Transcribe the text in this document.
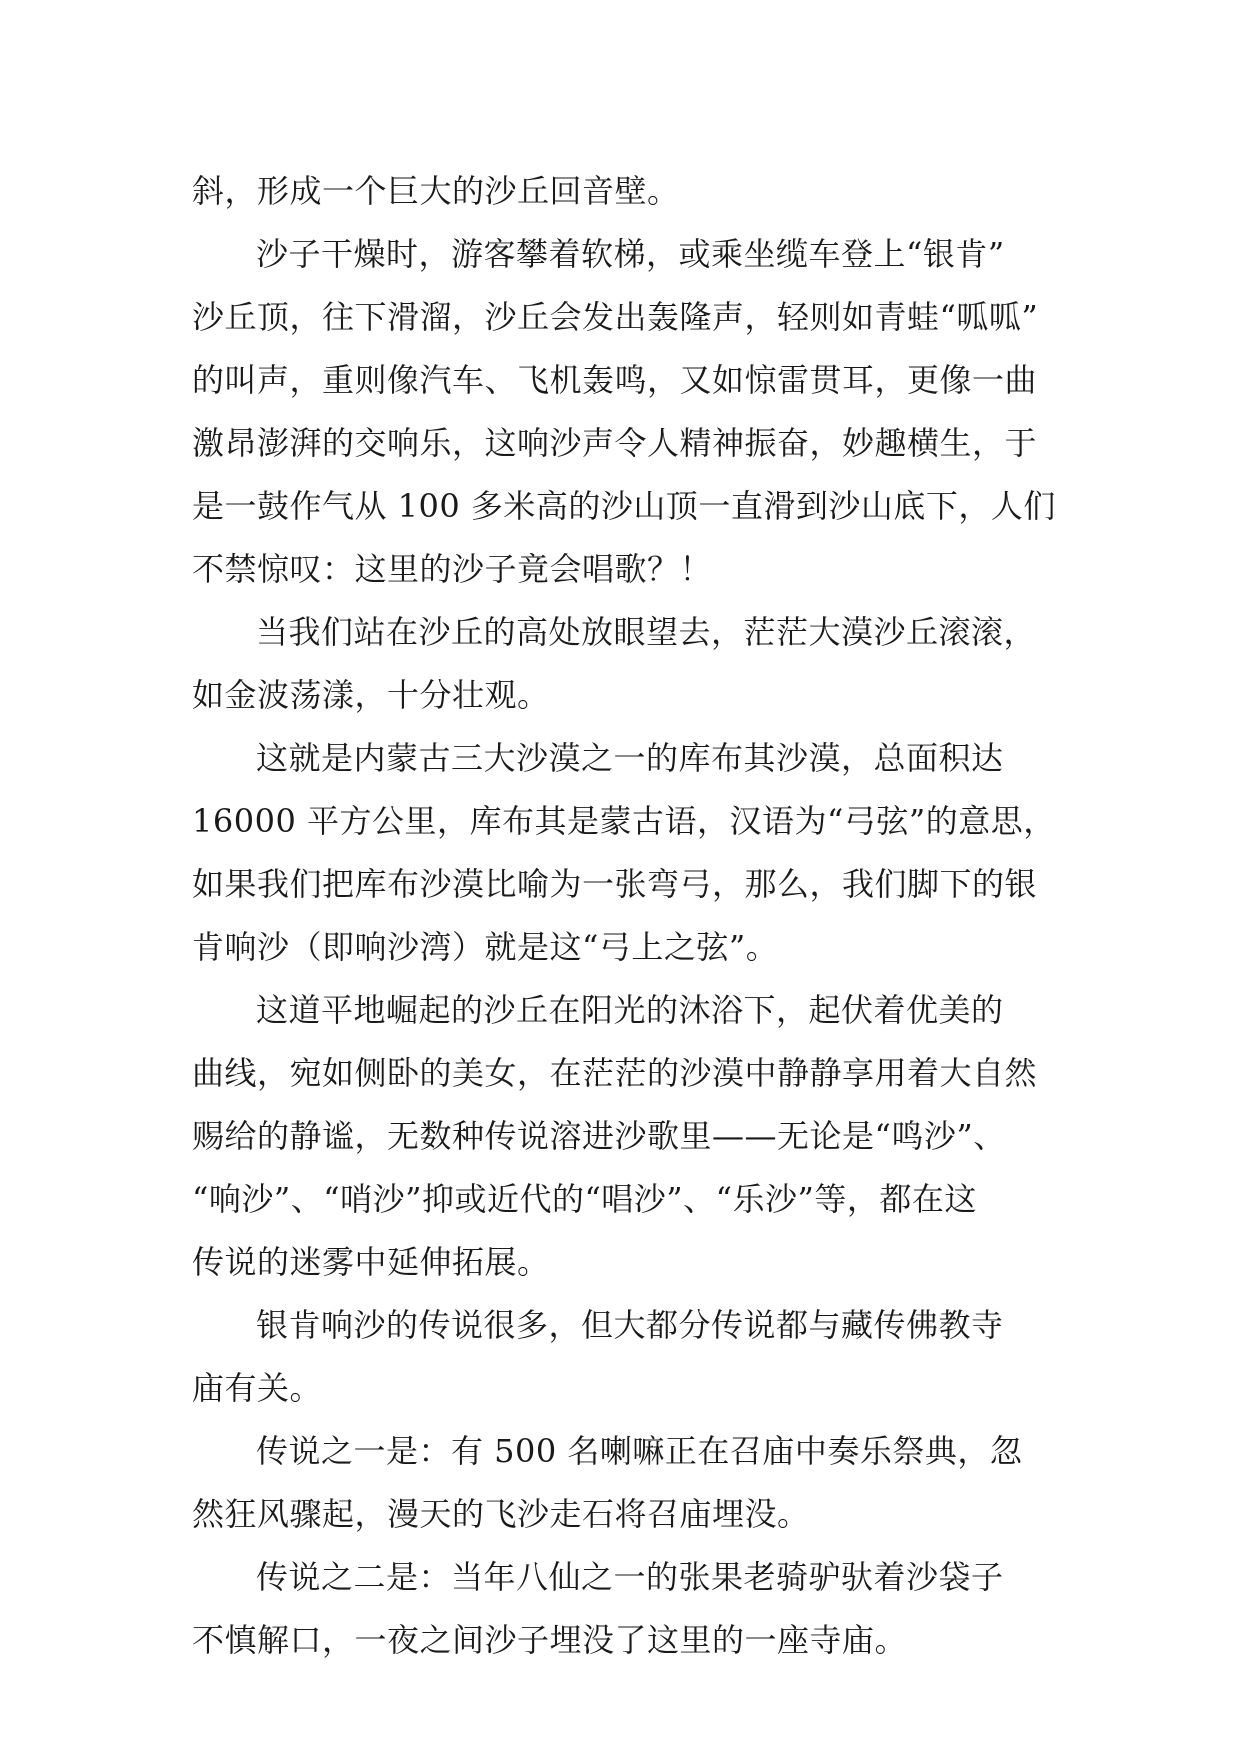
斜，形成一个巨大的沙丘回音壁。

沙子干燥时，游客攀着软梯，或乘坐缆车登上“银肯”
沙丘顶，往下滑溜，沙丘会发出轰隆声，轻则如青蛙“呱呱”
的叫声，重则像汽车、飞机轰鸣，又如惊雷贯耳，更像一曲
激昂澎湃的交响乐，这响沙声令人精神振奋，妙趣横生，于
是一鼓作气从 100 多米高的沙山顶一直滑到沙山底下，人们
不禁惊叹：这里的沙子竟会唱歌？！

当我们站在沙丘的高处放眼望去，茫茫大漠沙丘滚滚，
如金波荡漾，十分壮观。

这就是内蒙古三大沙漠之一的库布其沙漠，总面积达
16000 平方公里，库布其是蒙古语，汉语为“弓弦”的意思，
如果我们把库布沙漠比喻为一张弯弓，那么，我们脚下的银
肯响沙（即响沙湾）就是这“弓上之弦”。

这道平地崛起的沙丘在阳光的沐浴下，起伏着优美的
曲线，宛如侧卧的美女，在茫茫的沙漠中静静享用着大自然
赐给的静谧，无数种传说溶进沙歌里——无论是“鸣沙”、
“响沙”、“哨沙”抑或近代的“唱沙”、“乐沙”等，都在这
传说的迷雾中延伸拓展。

银肯响沙的传说很多，但大都分传说都与藏传佛教寺
庙有关。

传说之一是：有 500 名喇嘛正在召庙中奏乐祭典，忽
然狂风骤起，漫天的飞沙走石将召庙埋没。

传说之二是：当年八仙之一的张果老骑驴驮着沙袋子
不慎解口，一夜之间沙子埋没了这里的一座寺庙。
